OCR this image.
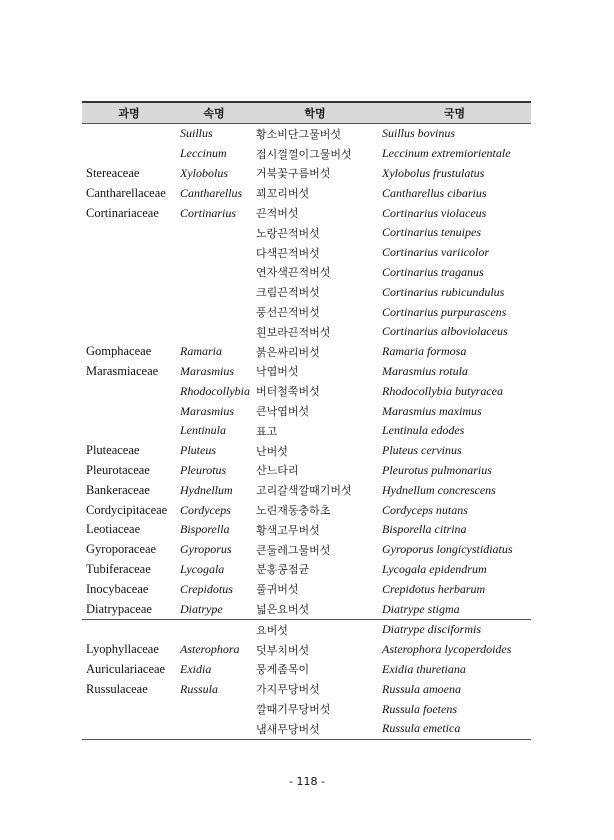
과명	속명	학명	국명
	Suillus	황소비단그물버섯	Suillus bovinus
	Leccinum	접시껄껄이그물버섯	Leccinum extremiorientale
Stereaceae	Xylobolus	거북꽃구름버섯	Xylobolus frustulatus
Cantharellaceae	Cantharellus	꾀꼬리버섯	Cantharellus cibarius
Cortinariaceae	Cortinarius	끈적버섯	Cortinarius violaceus
		노랑끈적버섯	Cortinarius tenuipes
		다색끈적버섯	Cortinarius variicolor
		연자색끈적버섯	Cortinarius traganus
		크림끈적버섯	Cortinarius rubicundulus
		풍선끈적버섯	Cortinarius purpurascens
		흰보라끈적버섯	Cortinarius alboviolaceus
Gomphaceae	Ramaria	붉은싸리버섯	Ramaria formosa
Marasmiaceae	Marasmius	낙엽버섯	Marasmius rotula
	Rhodocollybia	버터철쭉버섯	Rhodocollybia butyracea
	Marasmius	큰낙엽버섯	Marasmius maximus
	Lentinula	표고	Lentinula edodes
Pluteaceae	Pluteus	난버섯	Pluteus cervinus
Pleurotaceae	Pleurotus	산느타리	Pleurotus pulmonarius
Bankeraceae	Hydnellum	고리갈색깔때기버섯	Hydnellum concrescens
Cordycipitaceae	Cordyceps	노린재동충하초	Cordyceps nutans
Leotiaceae	Bisporella	황색고무버섯	Bisporella citrina
Gyroporaceae	Gyroporus	큰둘레그물버섯	Gyroporus longicystidiatus
Tubiferaceae	Lycogala	분홍콩점균	Lycogala epidendrum
Inocybaceae	Crepidotus	풀귀버섯	Crepidotus herbarum
Diatrypaceae	Diatrype	넓은요버섯	Diatrype stigma
		요버섯	Diatrype disciformis
Lyophyllaceae	Asterophora	덧부치버섯	Asterophora lycoperdoides
Auriculariaceae	Exidia	뭉게좀목이	Exidia thuretiana
Russulaceae	Russula	가지무당버섯	Russula amoena
		깔때기무당버섯	Russula foetens
		냄새무당버섯	Russula emetica
- 118 -
